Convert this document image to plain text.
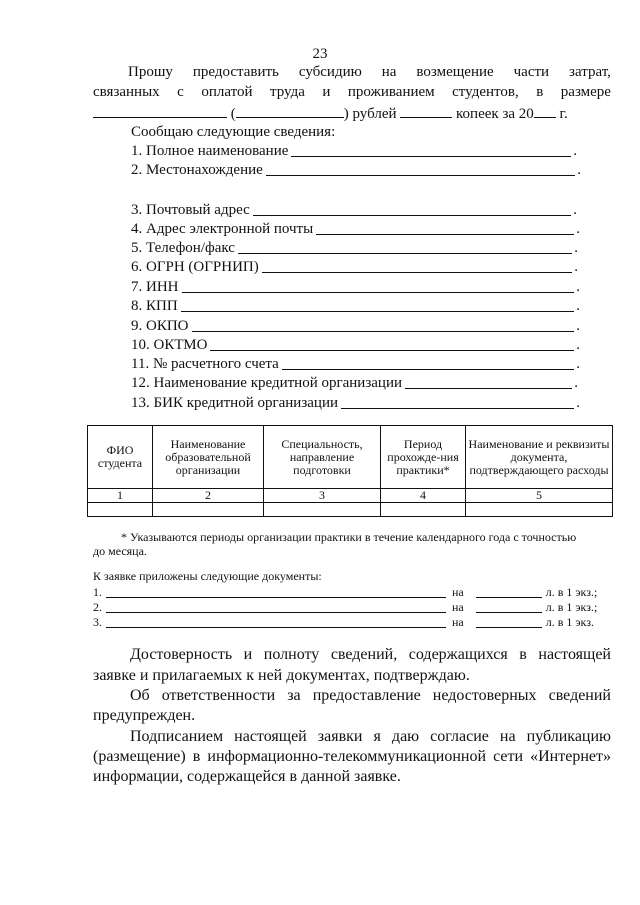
23
Прошу предоставить субсидию на возмещение части затрат,
связанных с оплатой труда и проживанием студентов, в размере
(	) рублей	копеек за 20 г.
Сообщаю следующие сведения:
1. Полное наименование	.
2. Местонахождение	.
3. Почтовый адрес	.
4. Адрес электронной почты	.
5. Телефон/факс	.
6. ОГРН (ОГРНИП)	.
7. ИНН	.
8. КПП	.
9. ОКПО	.
10. ОКТМО	.
11. № расчетного счета	.
12. Наименование кредитной организации	.
13. БИК кредитной организации	.
ФИО студента	Наименование образовательной организации	Специальность, направление подготовки	Период прохожде-ния практики*	Наименование и реквизиты документа, подтверждающего расходы
1	2	3	4	5

* Указываются периоды организации практики в течение календарного года с точностью
до месяца.
К заявке приложены следующие документы:
1.	на	л. в 1 экз.;
2.	на	л. в 1 экз.;
3.	на	л. в 1 экз.
Достоверность и полноту сведений, содержащихся в настоящей
заявке и прилагаемых к ней документах, подтверждаю.
Об ответственности за предоставление недостоверных сведений
предупрежден.
Подписанием настоящей заявки я даю согласие на публикацию
(размещение) в информационно-телекоммуникационной сети «Интернет»
информации, содержащейся в данной заявке.
